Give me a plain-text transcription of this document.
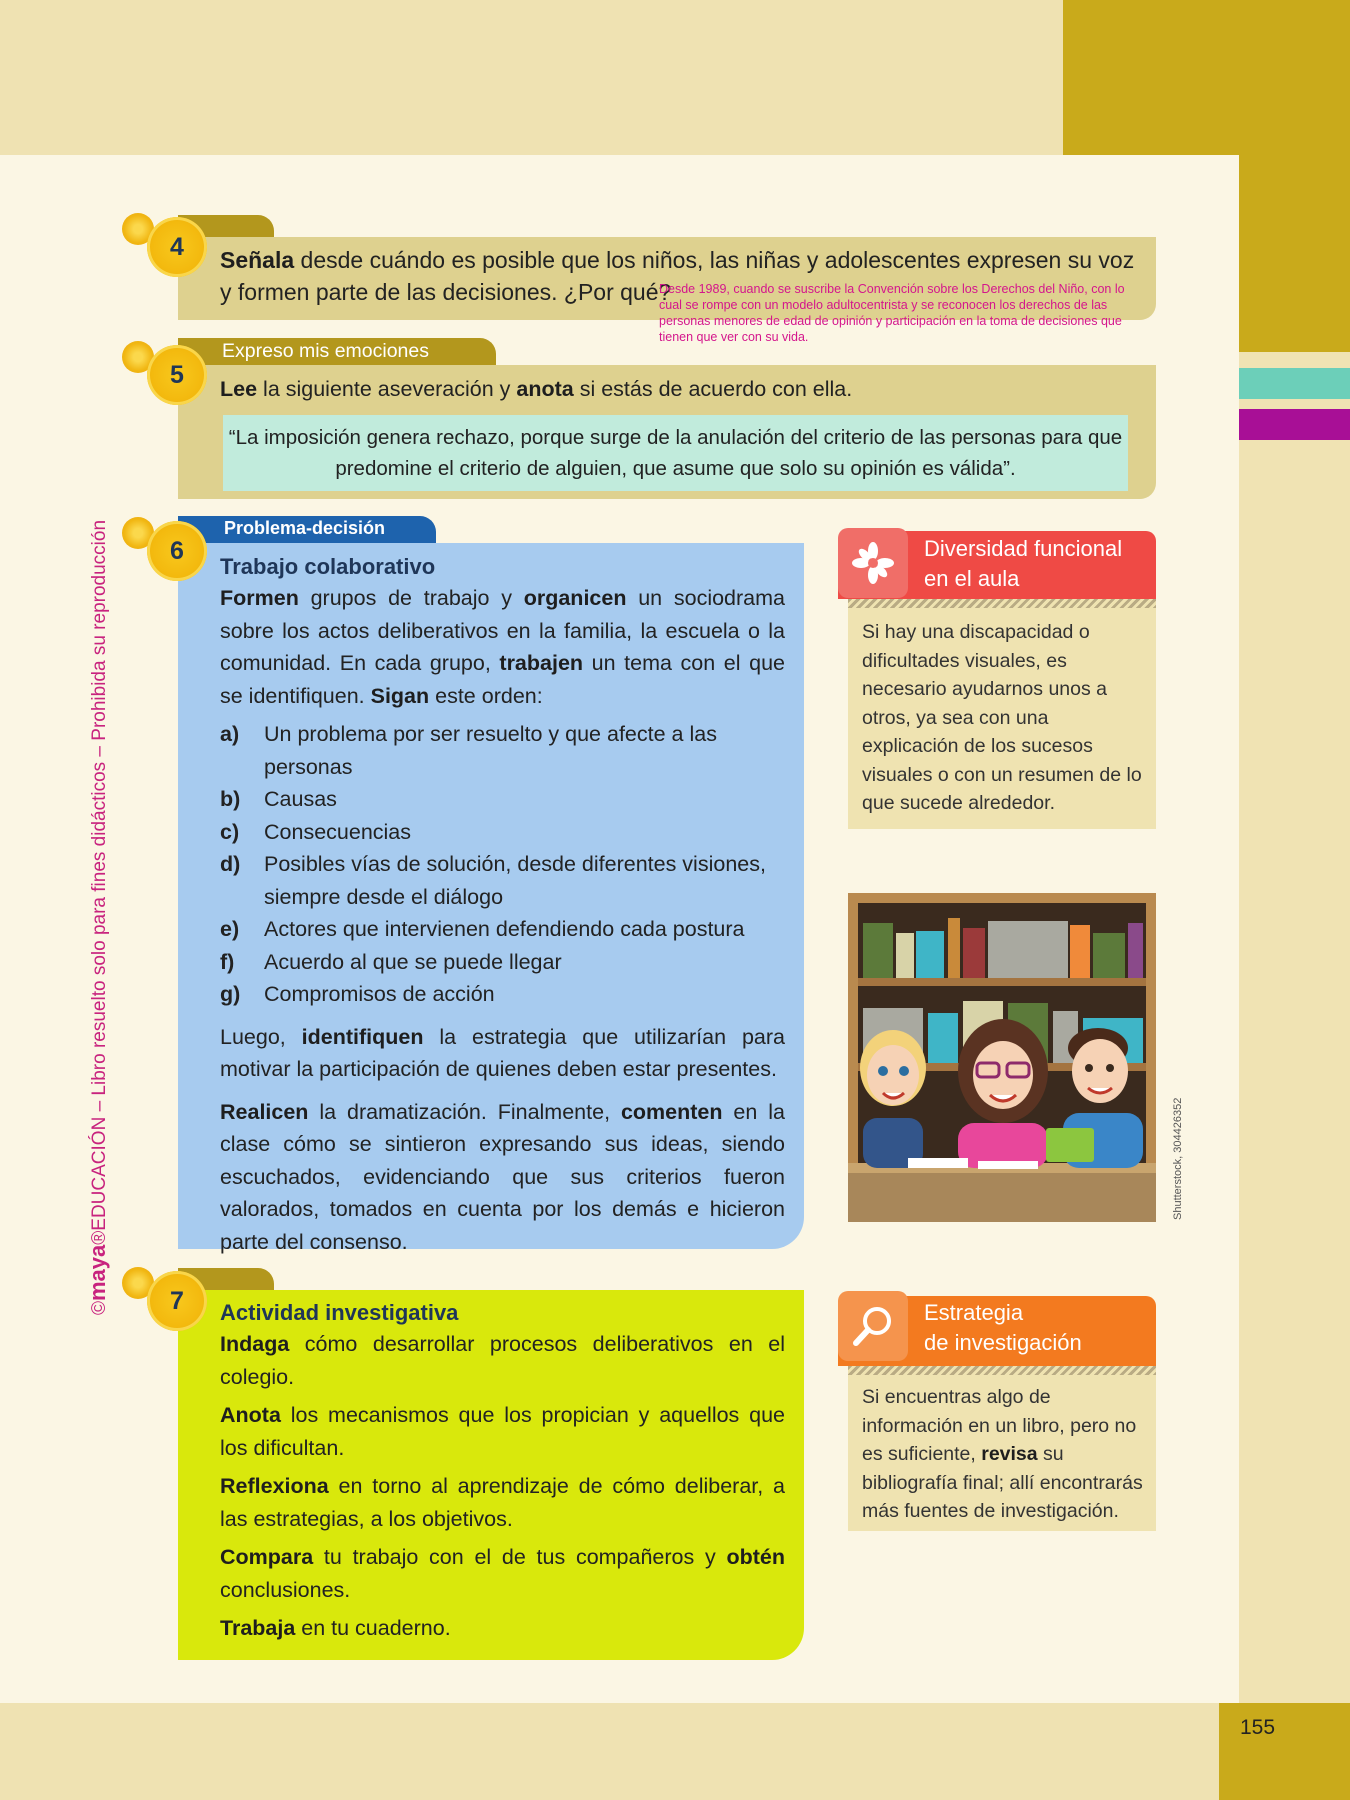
155
©maya®EDUCACIÓN – Libro resuelto solo para fines didácticos – Prohibida su reproducción
4	Señala desde cuándo es posible que los niños, las niñas y adolescentes expresen su voz
y formen parte de las decisiones. ¿Por qué?
Desde 1989, cuando se suscribe la Convención sobre los Derechos del Niño, con lo cual se rompe con un modelo adultocentrista y se reconocen los derechos de las personas menores de edad de opinión y participación en la toma de decisiones que tienen que ver con su vida.
Expreso mis emociones
5
Lee la siguiente aseveración y anota si estás de acuerdo con ella.
“La imposición genera rechazo, porque surge de la anulación del criterio de las personas para que predomine el criterio de alguien, que asume que solo su opinión es válida”.
Problema-decisión
6
Trabajo colaborativo

Formen grupos de trabajo y organicen un sociodrama sobre los actos deliberativos en la familia, la escuela o la comunidad. En cada grupo, trabajen un tema con el que se identifiquen. Sigan este orden:

a)	Un problema por ser resuelto y que afecte a las personas
b)	Causas
c)	Consecuencias
d)	Posibles vías de solución, desde diferentes visiones, siempre desde el diálogo
e)	Actores que intervienen defendiendo cada postura
f)	Acuerdo al que se puede llegar
g)	Compromisos de acción

Luego, identifiquen la estrategia que utilizarían para motivar la participación de quienes deben estar presentes.

Realicen la dramatización. Finalmente, comenten en la clase cómo se sintieron expresando sus ideas, siendo escuchados, evidenciando que sus criterios fueron valorados, tomados en cuenta por los demás e hicieron parte del consenso.

Diversidad funcional
en el aula
Si hay una discapacidad o dificultades visuales, es necesario ayudarnos unos a otros, ya sea con una explicación de los sucesos visuales o con un resumen de lo que sucede alrededor.
Shutterstock, 304426352
7	Actividad investigativa

Indaga cómo desarrollar procesos deliberativos en el colegio.

Anota los mecanismos que los propician y aquellos que los dificultan.

Reflexiona en torno al aprendizaje de cómo deliberar, a las estrategias, a los objetivos.

Compara tu trabajo con el de tus compañeros y obtén conclusiones.

Trabaja en tu cuaderno.

Estrategia
de investigación
Si encuentras algo de información en un libro, pero no es suficiente, revisa su bibliografía final; allí encontrarás más fuentes de investigación.
